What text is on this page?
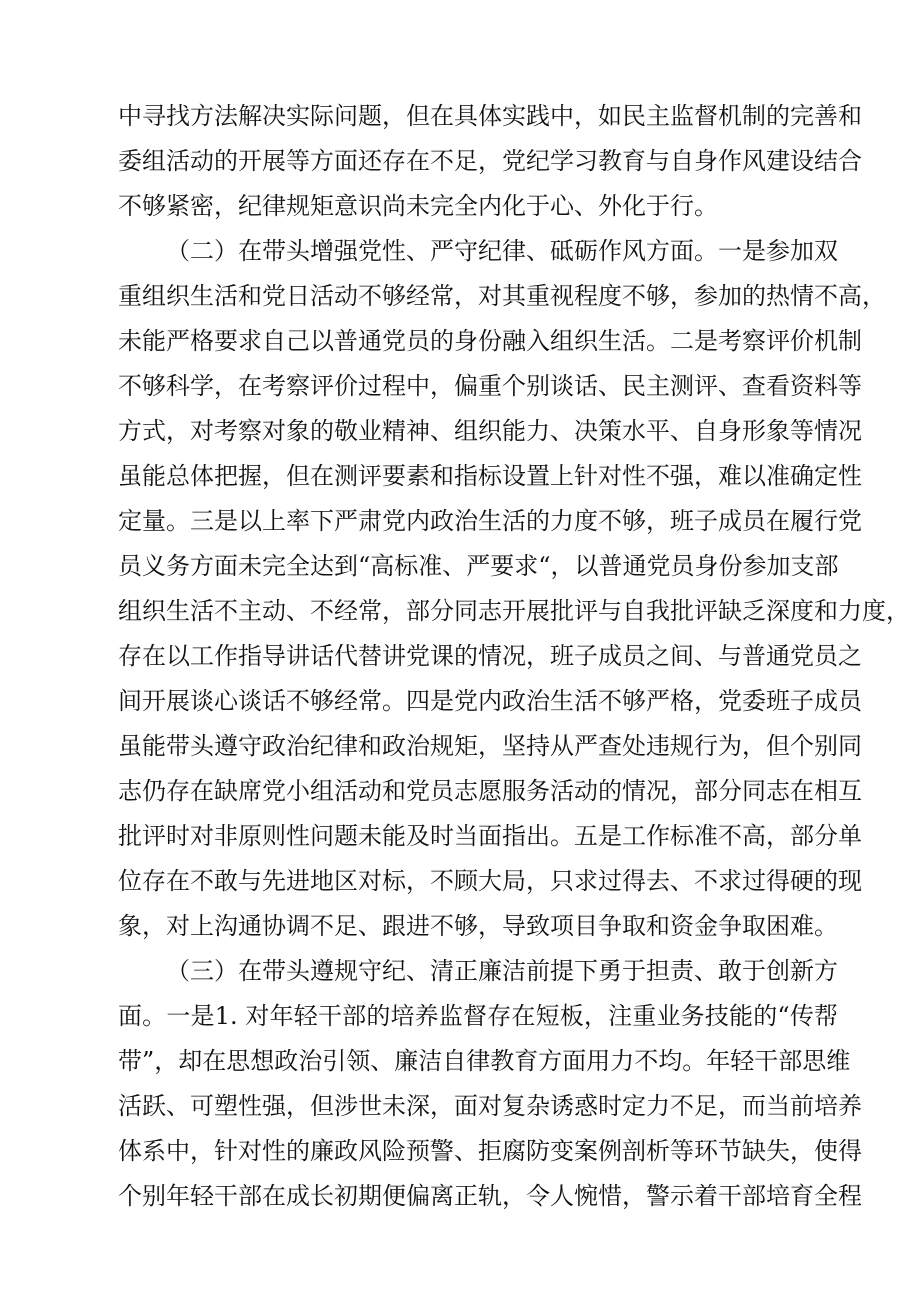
中寻找方法解决实际问题，但在具体实践中，如民主监督机制的完善和
委组活动的开展等方面还存在不足，党纪学习教育与自身作风建设结合
不够紧密，纪律规矩意识尚未完全内化于心、外化于行。
（二）在带头增强党性、严守纪律、砥砺作风方面。一是参加双
重组织生活和党日活动不够经常，对其重视程度不够，参加的热情不高，
未能严格要求自己以普通党员的身份融入组织生活。二是考察评价机制
不够科学，在考察评价过程中，偏重个别谈话、民主测评、查看资料等
方式，对考察对象的敬业精神、组织能力、决策水平、自身形象等情况
虽能总体把握，但在测评要素和指标设置上针对性不强，难以准确定性
定量。三是以上率下严肃党内政治生活的力度不够，班子成员在履行党
员义务方面未完全达到“高标准、严要求“，以普通党员身份参加支部
组织生活不主动、不经常，部分同志开展批评与自我批评缺乏深度和力度，
存在以工作指导讲话代替讲党课的情况，班子成员之间、与普通党员之
间开展谈心谈话不够经常。四是党内政治生活不够严格，党委班子成员
虽能带头遵守政治纪律和政治规矩，坚持从严查处违规行为，但个别同
志仍存在缺席党小组活动和党员志愿服务活动的情况，部分同志在相互
批评时对非原则性问题未能及时当面指出。五是工作标准不高，部分单
位存在不敢与先进地区对标，不顾大局，只求过得去、不求过得硬的现
象，对上沟通协调不足、跟进不够，导致项目争取和资金争取困难。
（三）在带头遵规守纪、清正廉洁前提下勇于担责、敢于创新方
面。一是1. 对年轻干部的培养监督存在短板，注重业务技能的“传帮
带”，却在思想政治引领、廉洁自律教育方面用力不均。年轻干部思维
活跃、可塑性强，但涉世未深，面对复杂诱惑时定力不足，而当前培养
体系中，针对性的廉政风险预警、拒腐防变案例剖析等环节缺失，使得
个别年轻干部在成长初期便偏离正轨，令人惋惜，警示着干部培育全程
